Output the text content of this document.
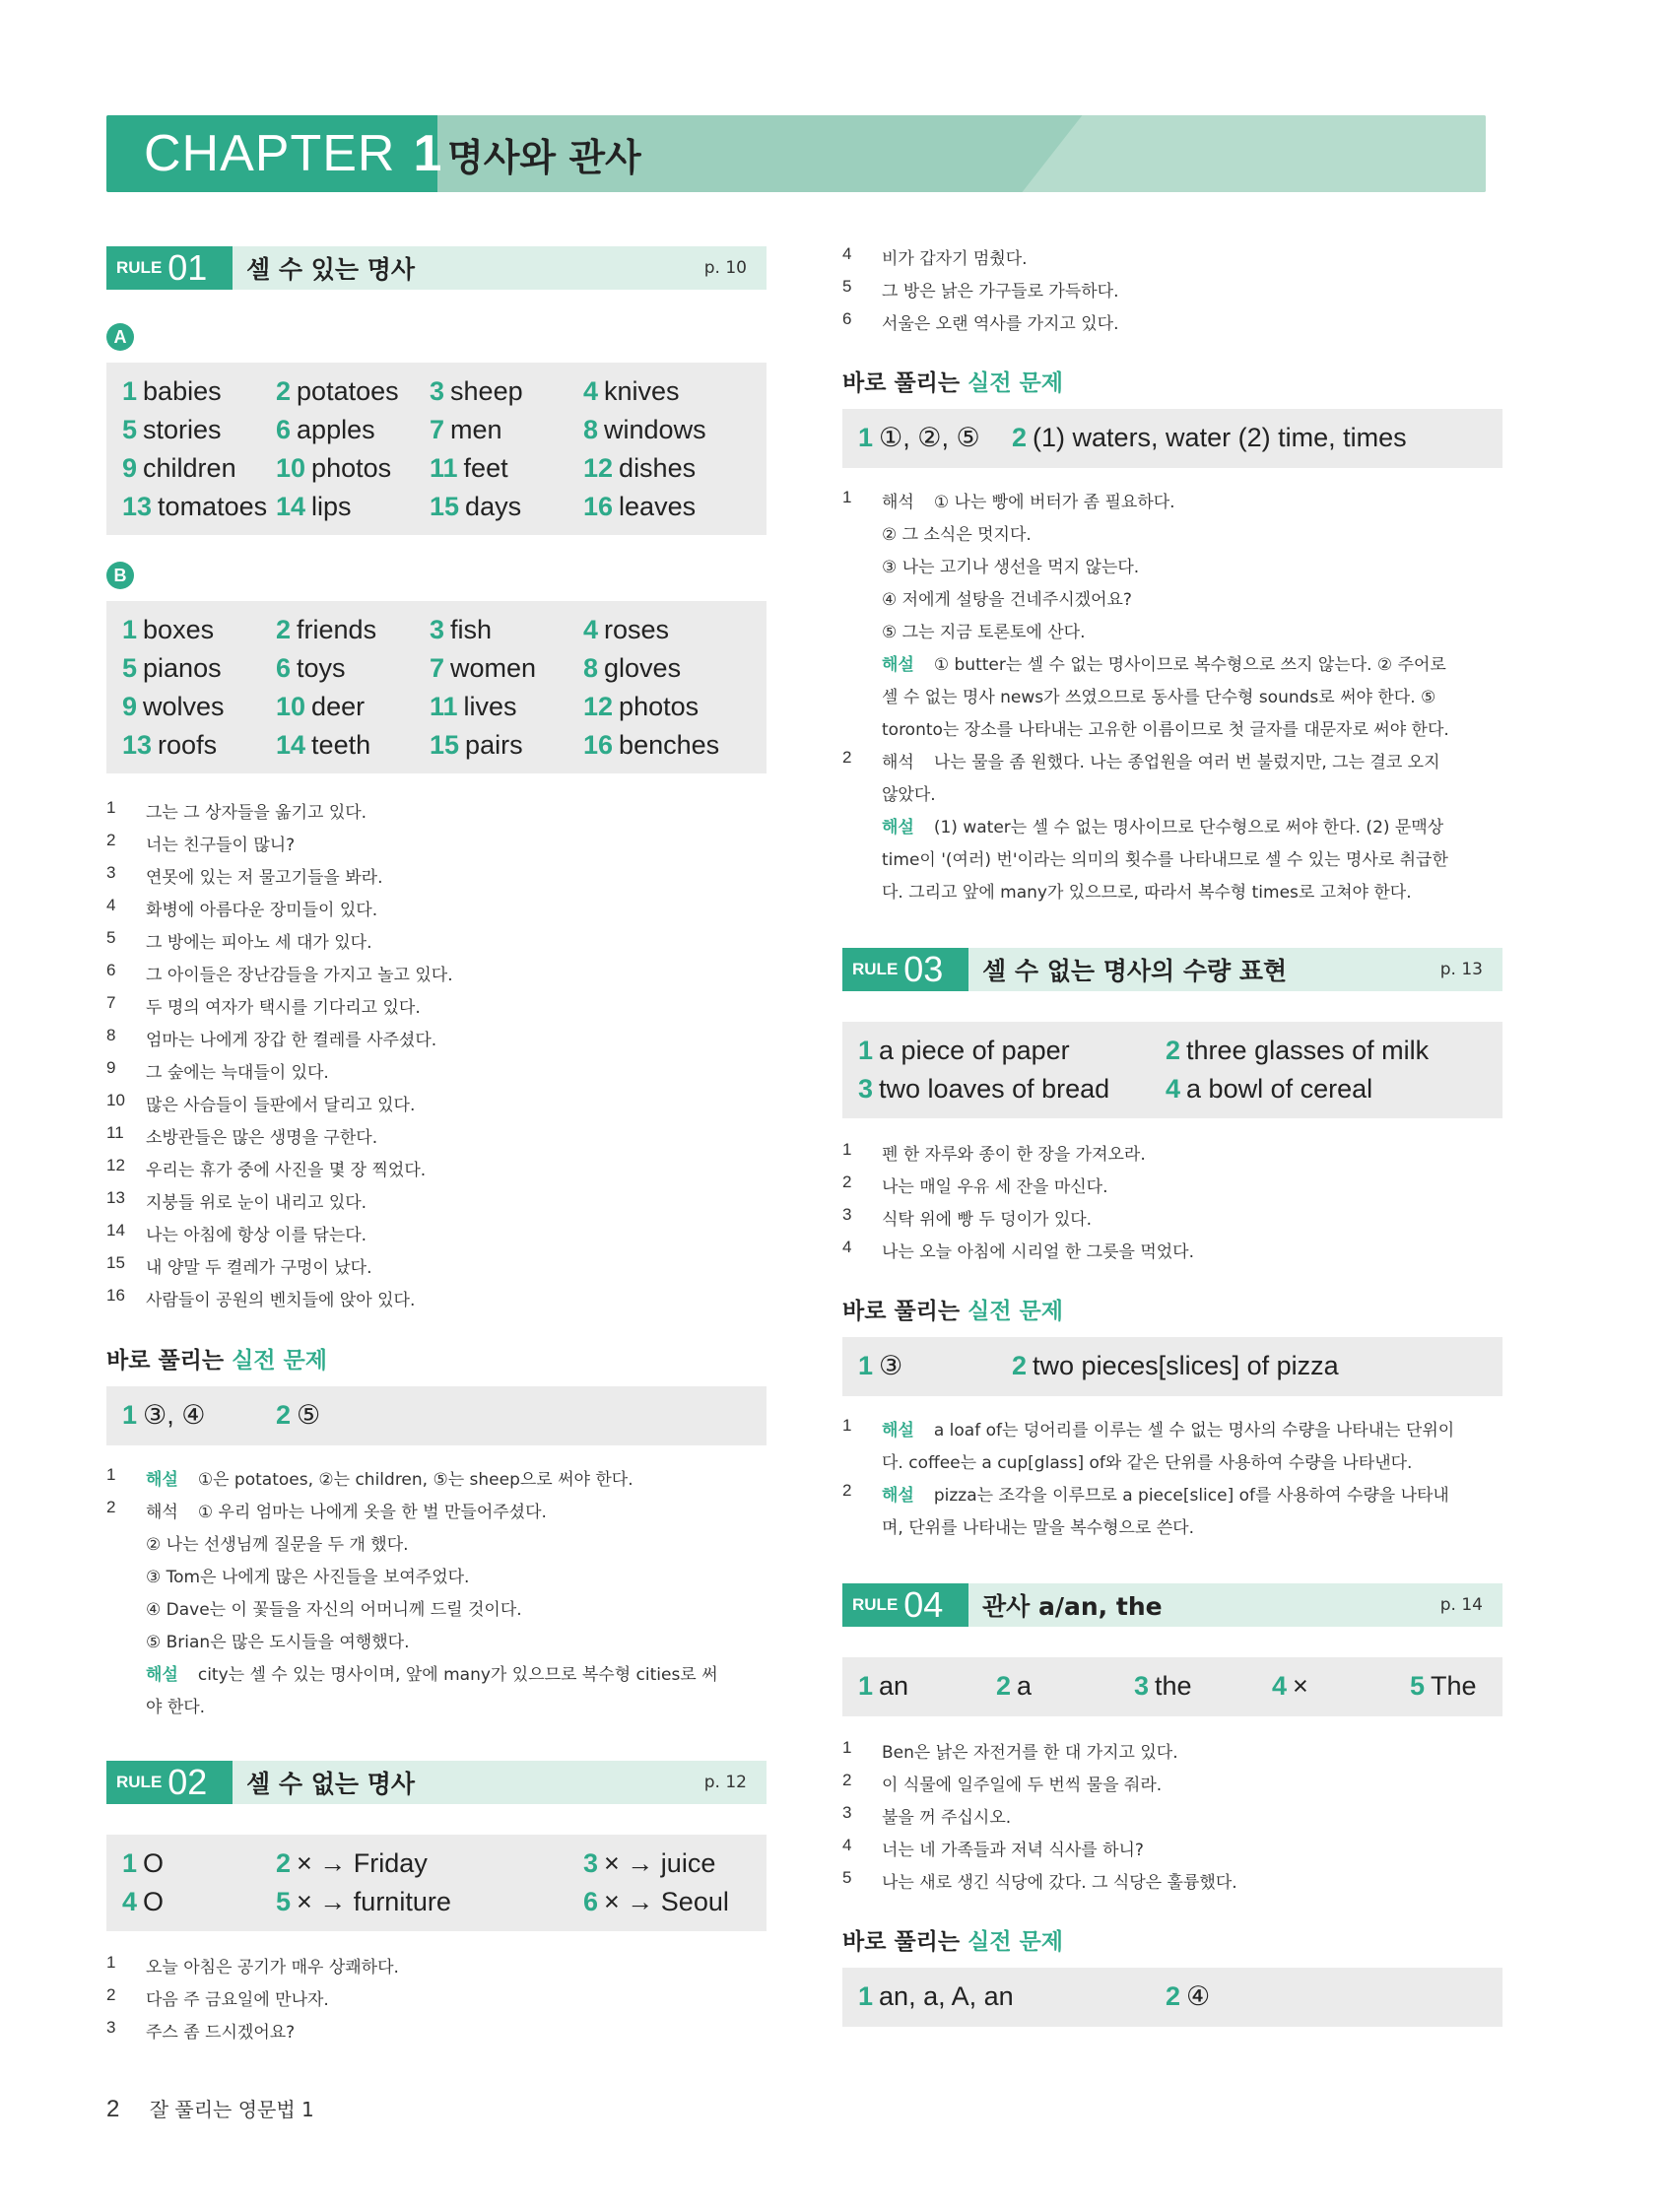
CHAPTER 1 명사와 관사
RULE 01 셀 수 있는 명사	p. 10
A
1 babies 2 potatoes 3 sheep 4 knives
5 stories 6 apples 7 men	8 windows
9 children 10 photos 11 feet	12 dishes
13 tomatoes 14 lips	15 days 16 leaves
B
1 boxes 2 friends 3 fish	4 roses
5 pianos 6 toys	7 women 8 gloves
9 wolves 10 deer 11 lives 12 photos
13 roofs 14 teeth 15 pairs 16 benches
1	그는 그 상자들을 옮기고 있다.
2	너는 친구들이 많니?
3	연못에 있는 저 물고기들을 봐라.
4	화병에 아름다운 장미들이 있다.
5	그 방에는 피아노 세 대가 있다.
6	그 아이들은 장난감들을 가지고 놀고 있다.
7	두 명의 여자가 택시를 기다리고 있다.
8	엄마는 나에게 장갑 한 켤레를 사주셨다.
9	그 숲에는 늑대들이 있다.
10	많은 사슴들이 들판에서 달리고 있다.
11	소방관들은 많은 생명을 구한다.
12	우리는 휴가 중에 사진을 몇 장 찍었다.
13	지붕들 위로 눈이 내리고 있다.
14	나는 아침에 항상 이를 닦는다.
15	내 양말 두 켤레가 구멍이 났다.
16	사람들이 공원의 벤치들에 앉아 있다.
바로 풀리는 실전 문제
1 ③, ④	2 ⑤
1	해설 ①은 potatoes, ②는 children, ⑤는 sheep으로 써야 한다.
2	해석 ① 우리 엄마는 나에게 옷을 한 벌 만들어주셨다.
② 나는 선생님께 질문을 두 개 했다.
③ Tom은 나에게 많은 사진들을 보여주었다.
④ Dave는 이 꽃들을 자신의 어머니께 드릴 것이다.
⑤ Brian은 많은 도시들을 여행했다.
해설 city는 셀 수 있는 명사이며, 앞에 many가 있으므로 복수형 cities로 써
야 한다.
RULE 02 셀 수 없는 명사	p. 12
1 O	2 × → Friday	3 × → juice
4 O	5 × → furniture	6 × → Seoul
1	오늘 아침은 공기가 매우 상쾌하다.
2	다음 주 금요일에 만나자.
3	주스 좀 드시겠어요?
4	비가 갑자기 멈췄다.
5	그 방은 낡은 가구들로 가득하다.
6	서울은 오랜 역사를 가지고 있다.
바로 풀리는 실전 문제
1 ①, ②, ⑤ 2 (1) waters, water (2) time, times
1	해석 ① 나는 빵에 버터가 좀 필요하다.
② 그 소식은 멋지다.
③ 나는 고기나 생선을 먹지 않는다.
④ 저에게 설탕을 건네주시겠어요?
⑤ 그는 지금 토론토에 산다.
해설 ① butter는 셀 수 없는 명사이므로 복수형으로 쓰지 않는다. ② 주어로
셀 수 없는 명사 news가 쓰였으므로 동사를 단수형 sounds로 써야 한다. ⑤
toronto는 장소를 나타내는 고유한 이름이므로 첫 글자를 대문자로 써야 한다.
2	해석 나는 물을 좀 원했다. 나는 종업원을 여러 번 불렀지만, 그는 결코 오지
않았다.
해설 (1) water는 셀 수 없는 명사이므로 단수형으로 써야 한다. (2) 문맥상
time이 '(여러) 번'이라는 의미의 횟수를 나타내므로 셀 수 있는 명사로 취급한
다. 그리고 앞에 many가 있으므로, 따라서 복수형 times로 고쳐야 한다.
RULE 03 셀 수 없는 명사의 수량 표현	p. 13
1 a piece of paper	2 three glasses of milk
3 two loaves of bread 4 a bowl of cereal
1	펜 한 자루와 종이 한 장을 가져오라.
2	나는 매일 우유 세 잔을 마신다.
3	식탁 위에 빵 두 덩이가 있다.
4	나는 오늘 아침에 시리얼 한 그릇을 먹었다.
바로 풀리는 실전 문제
1 ③	2 two pieces[slices] of pizza
1	해설 a loaf of는 덩어리를 이루는 셀 수 없는 명사의 수량을 나타내는 단위이
다. coffee는 a cup[glass] of와 같은 단위를 사용하여 수량을 나타낸다.
2	해설 pizza는 조각을 이루므로 a piece[slice] of를 사용하여 수량을 나타내
며, 단위를 나타내는 말을 복수형으로 쓴다.
RULE 04 관사 a/an, the	p. 14
1 an	2 a	3 the	4 ×	5 The
1	Ben은 낡은 자전거를 한 대 가지고 있다.
2	이 식물에 일주일에 두 번씩 물을 줘라.
3	불을 꺼 주십시오.
4	너는 네 가족들과 저녁 식사를 하니?
5	나는 새로 생긴 식당에 갔다. 그 식당은 훌륭했다.
바로 풀리는 실전 문제
1 an, a, A, an	2 ④
2 잘 풀리는 영문법 1
